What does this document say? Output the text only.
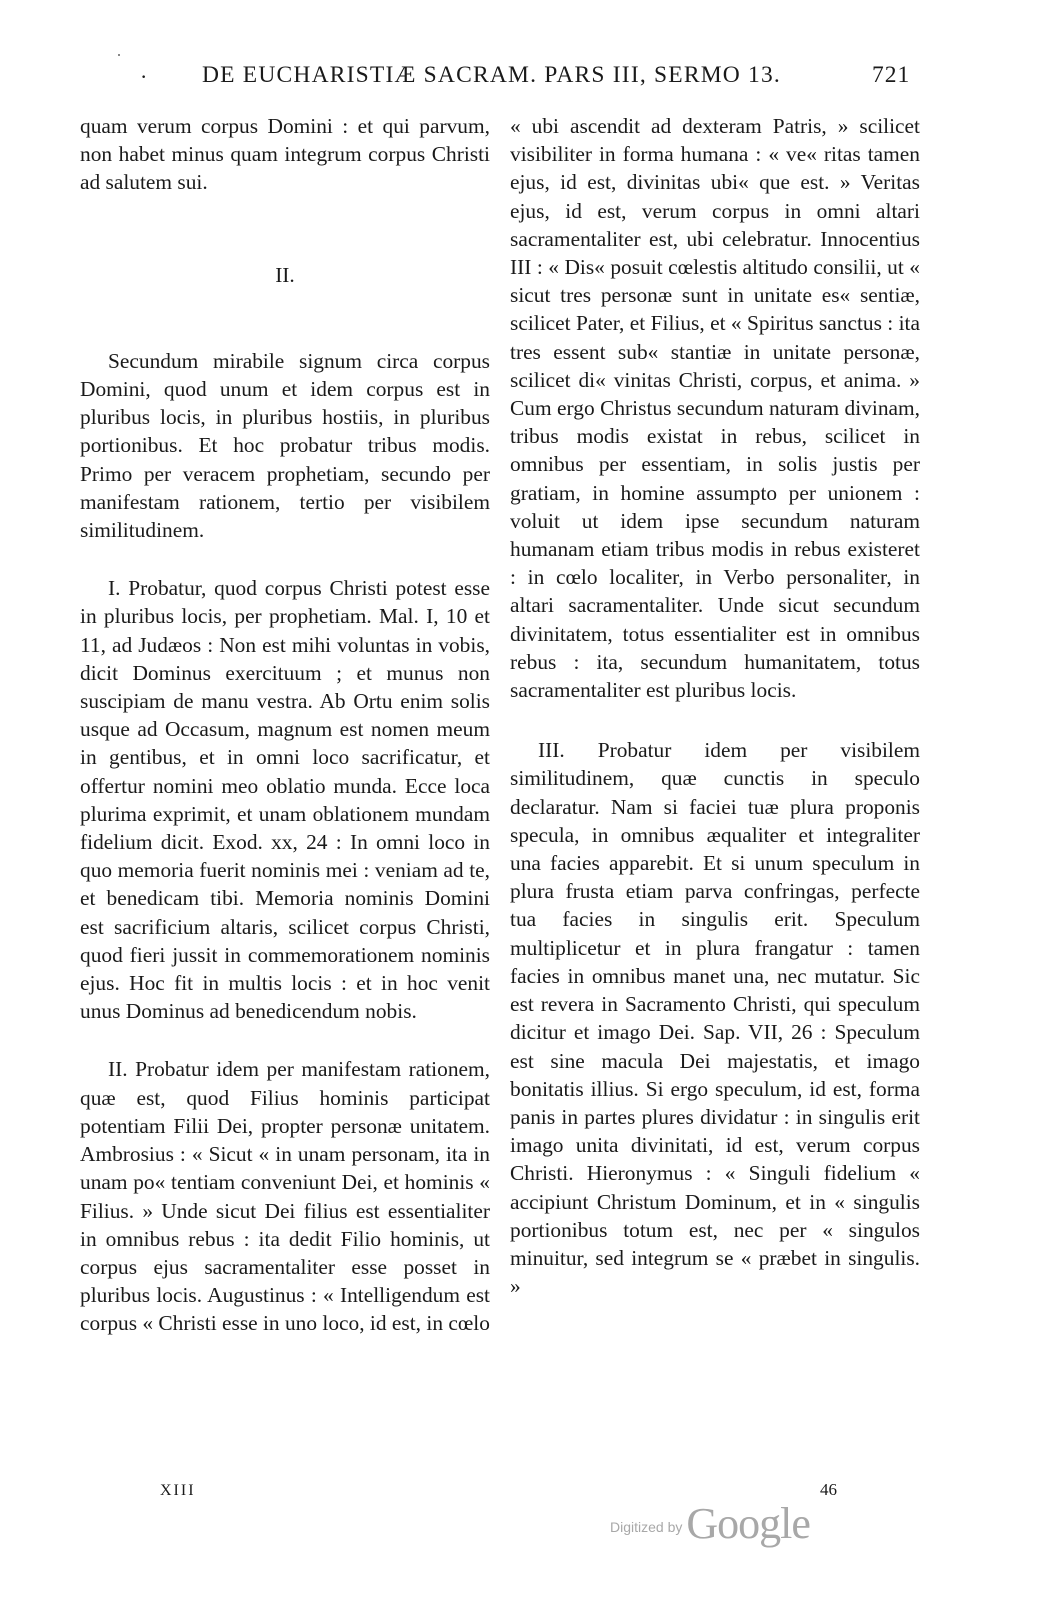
· DE EUCHARISTIÆ SACRAM. PARS III, SERMO 13.	721

quam verum corpus Domini : et qui parvum, non habet minus quam integrum corpus Christi ad salutem sui.

II.

Secundum mirabile signum circa corpus Domini, quod unum et idem corpus est in pluribus locis, in pluribus hostiis, in pluribus portionibus. Et hoc probatur tribus modis. Primo per veracem prophetiam, secundo per manifestam rationem, tertio per visibilem similitudinem.

I. Probatur, quod corpus Christi potest esse in pluribus locis, per prophetiam. Mal. I, 10 et 11, ad Judæos : Non est mihi voluntas in vobis, dicit Dominus exercituum ; et munus non suscipiam de manu vestra. Ab Ortu enim solis usque ad Occasum, magnum est nomen meum in gentibus, et in omni loco sacrificatur, et offertur nomini meo oblatio munda. Ecce loca plurima exprimit, et unam oblationem mundam fidelium dicit. Exod. xx, 24 : In omni loco in quo memoria fuerit nominis mei : veniam ad te, et benedicam tibi. Memoria nominis Domini est sacrificium altaris, scilicet corpus Christi, quod fieri jussit in commemorationem nominis ejus. Hoc fit in multis locis : et in hoc venit unus Dominus ad benedicendum nobis.

II. Probatur idem per manifestam rationem, quæ est, quod Filius hominis participat potentiam Filii Dei, propter personæ unitatem. Ambrosius : « Sicut « in unam personam, ita in unam po« tentiam conveniunt Dei, et hominis « Filius. » Unde sicut Dei filius est essentialiter in omnibus rebus : ita dedit Filio hominis, ut corpus ejus sacramentaliter esse posset in pluribus locis. Augustinus : « Intelligendum est corpus « Christi esse in uno loco, id est, in cœlo

« ubi ascendit ad dexteram Patris, » scilicet visibiliter in forma humana : « ve« ritas tamen ejus, id est, divinitas ubi« que est. » Veritas ejus, id est, verum corpus in omni altari sacramentaliter est, ubi celebratur. Innocentius III : « Dis« posuit cœlestis altitudo consilii, ut « sicut tres personæ sunt in unitate es« sentiæ, scilicet Pater, et Filius, et « Spiritus sanctus : ita tres essent sub« stantiæ in unitate personæ, scilicet di« vinitas Christi, corpus, et anima. » Cum ergo Christus secundum naturam divinam, tribus modis existat in rebus, scilicet in omnibus per essentiam, in solis justis per gratiam, in homine assumpto per unionem : voluit ut idem ipse secundum naturam humanam etiam tribus modis in rebus existeret : in cœlo localiter, in Verbo personaliter, in altari sacramentaliter. Unde sicut secundum divinitatem, totus essentialiter est in omnibus rebus : ita, secundum humanitatem, totus sacramentaliter est pluribus locis.

III. Probatur idem per visibilem similitudinem, quæ cunctis in speculo declaratur. Nam si faciei tuæ plura proponis specula, in omnibus æqualiter et integraliter una facies apparebit. Et si unum speculum in plura frusta etiam parva confringas, perfecte tua facies in singulis erit. Speculum multiplicetur et in plura frangatur : tamen facies in omnibus manet una, nec mutatur. Sic est revera in Sacramento Christi, qui speculum dicitur et imago Dei. Sap. VII, 26 : Speculum est sine macula Dei majestatis, et imago bonitatis illius. Si ergo speculum, id est, forma panis in partes plures dividatur : in singulis erit imago unita divinitati, id est, verum corpus Christi. Hieronymus : « Singuli fidelium « accipiunt Christum Dominum, et in « singulis portionibus totum est, nec per « singulos minuitur, sed integrum se « præbet in singulis. »

XIII	46
Digitized by Google
